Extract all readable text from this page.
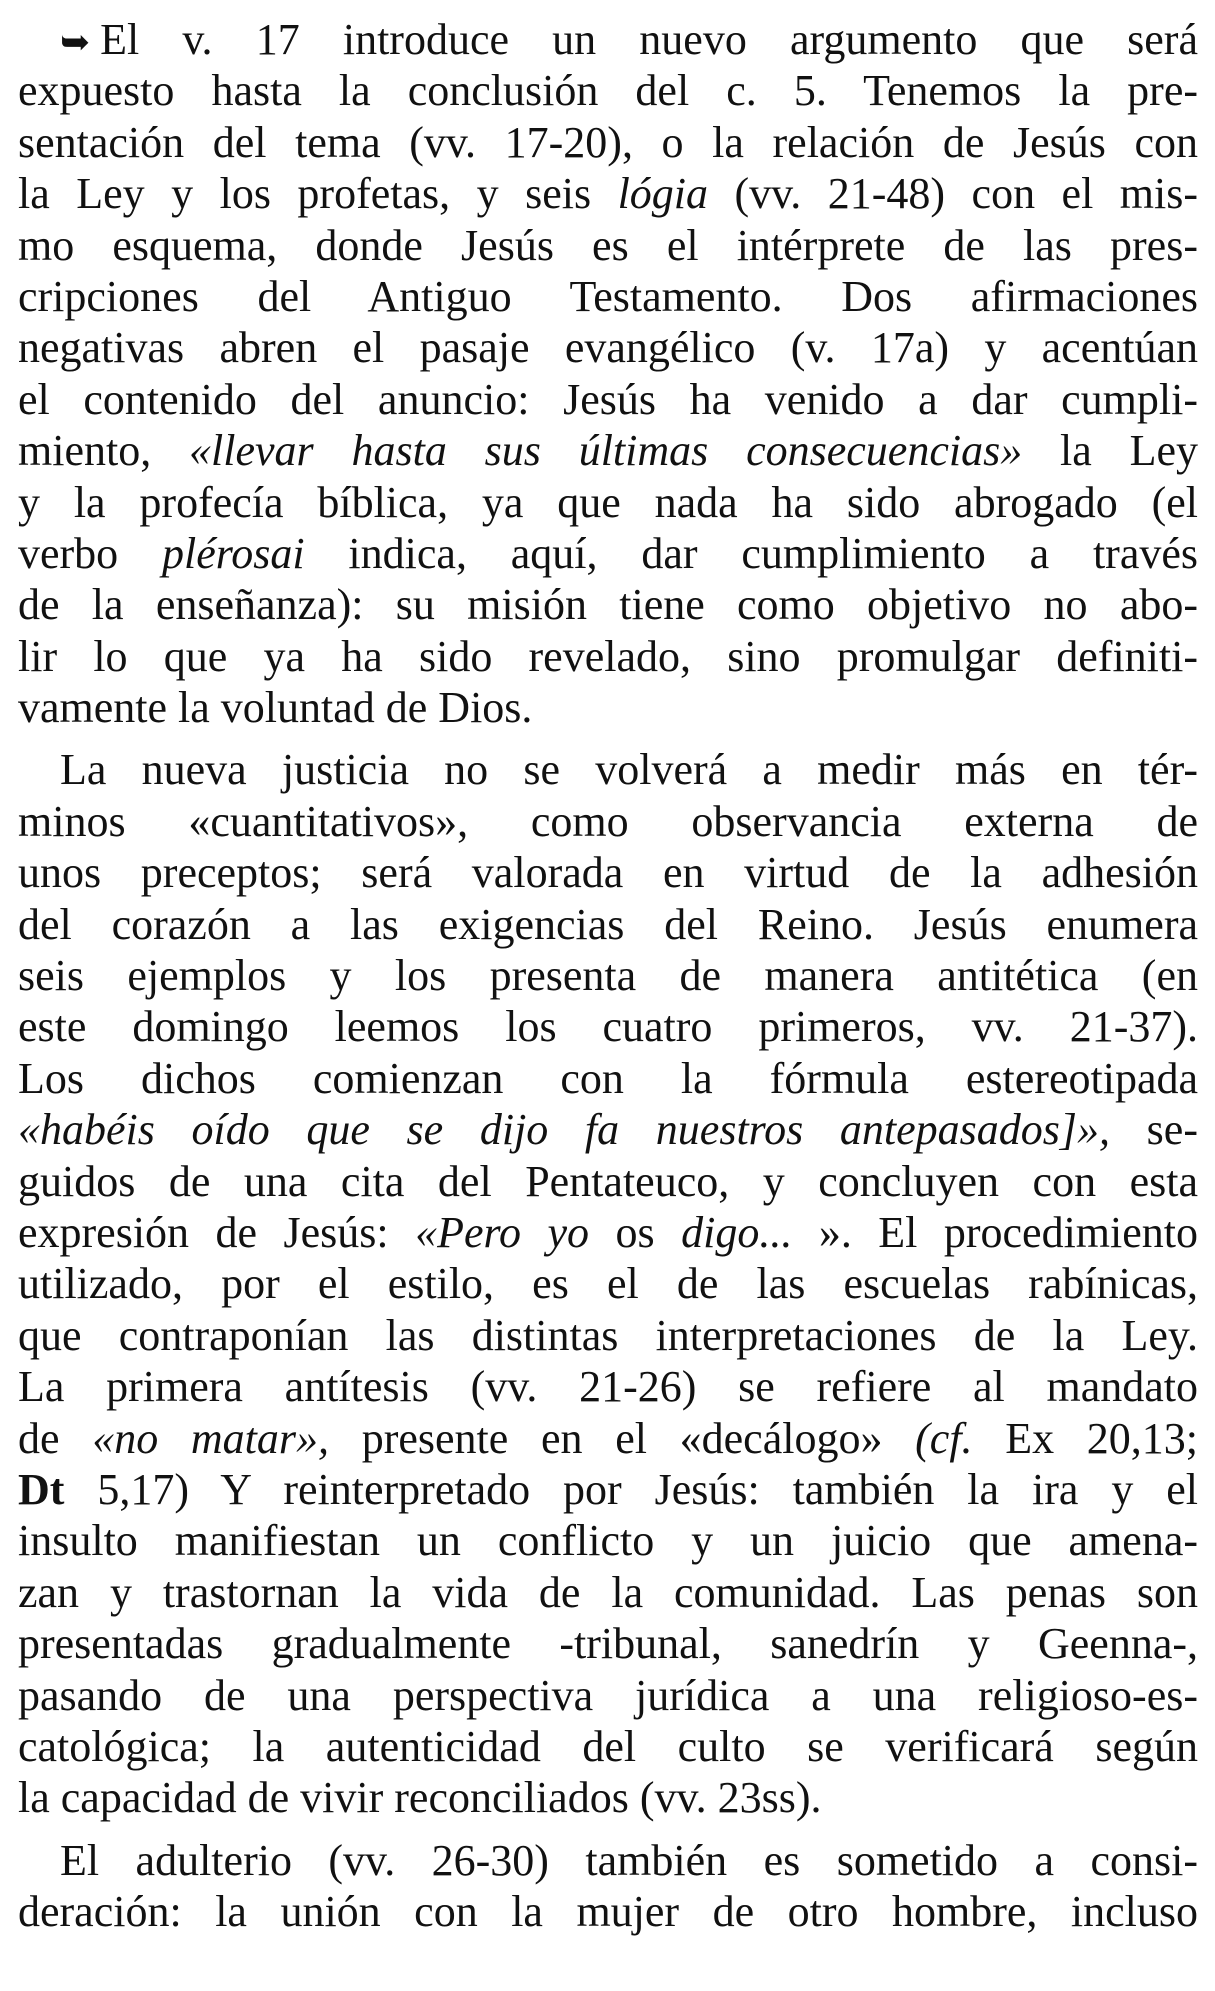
➥ El v. 17 introduce un nuevo argumento que será
expuesto hasta la conclusión del c. 5. Tenemos la pre-
sentación del tema (vv. 17-20), o la relación de Jesús con
la Ley y los profetas, y seis lógia (vv. 21-48) con el mis-
mo esquema, donde Jesús es el intérprete de las pres-
cripciones del Antiguo Testamento. Dos afirmaciones
negativas abren el pasaje evangélico (v. 17a) y acentúan
el contenido del anuncio: Jesús ha venido a dar cumpli-
miento, «llevar hasta sus últimas consecuencias» la Ley
y la profecía bíblica, ya que nada ha sido abrogado (el
verbo plérosai indica, aquí, dar cumplimiento a través
de la enseñanza): su misión tiene como objetivo no abo-
lir lo que ya ha sido revelado, sino promulgar definiti-
vamente la voluntad de Dios.
La nueva justicia no se volverá a medir más en tér-
minos «cuantitativos», como observancia externa de
unos preceptos; será valorada en virtud de la adhesión
del corazón a las exigencias del Reino. Jesús enumera
seis ejemplos y los presenta de manera antitética (en
este domingo leemos los cuatro primeros, vv. 21-37).
Los dichos comienzan con la fórmula estereotipada
«habéis oído que se dijo fa nuestros antepasados]», se-
guidos de una cita del Pentateuco, y concluyen con esta
expresión de Jesús: «Pero yo os digo... ». El procedimiento
utilizado, por el estilo, es el de las escuelas rabínicas,
que contraponían las distintas interpretaciones de la Ley.
La primera antítesis (vv. 21-26) se refiere al mandato
de «no matar», presente en el «decálogo» (cf. Ex 20,13;
Dt 5,17) Y reinterpretado por Jesús: también la ira y el
insulto manifiestan un conflicto y un juicio que amena-
zan y trastornan la vida de la comunidad. Las penas son
presentadas gradualmente -tribunal, sanedrín y Geenna-,
pasando de una perspectiva jurídica a una religioso-es-
catológica; la autenticidad del culto se verificará según
la capacidad de vivir reconciliados (vv. 23ss).
El adulterio (vv. 26-30) también es sometido a consi-
deración: la unión con la mujer de otro hombre, incluso
